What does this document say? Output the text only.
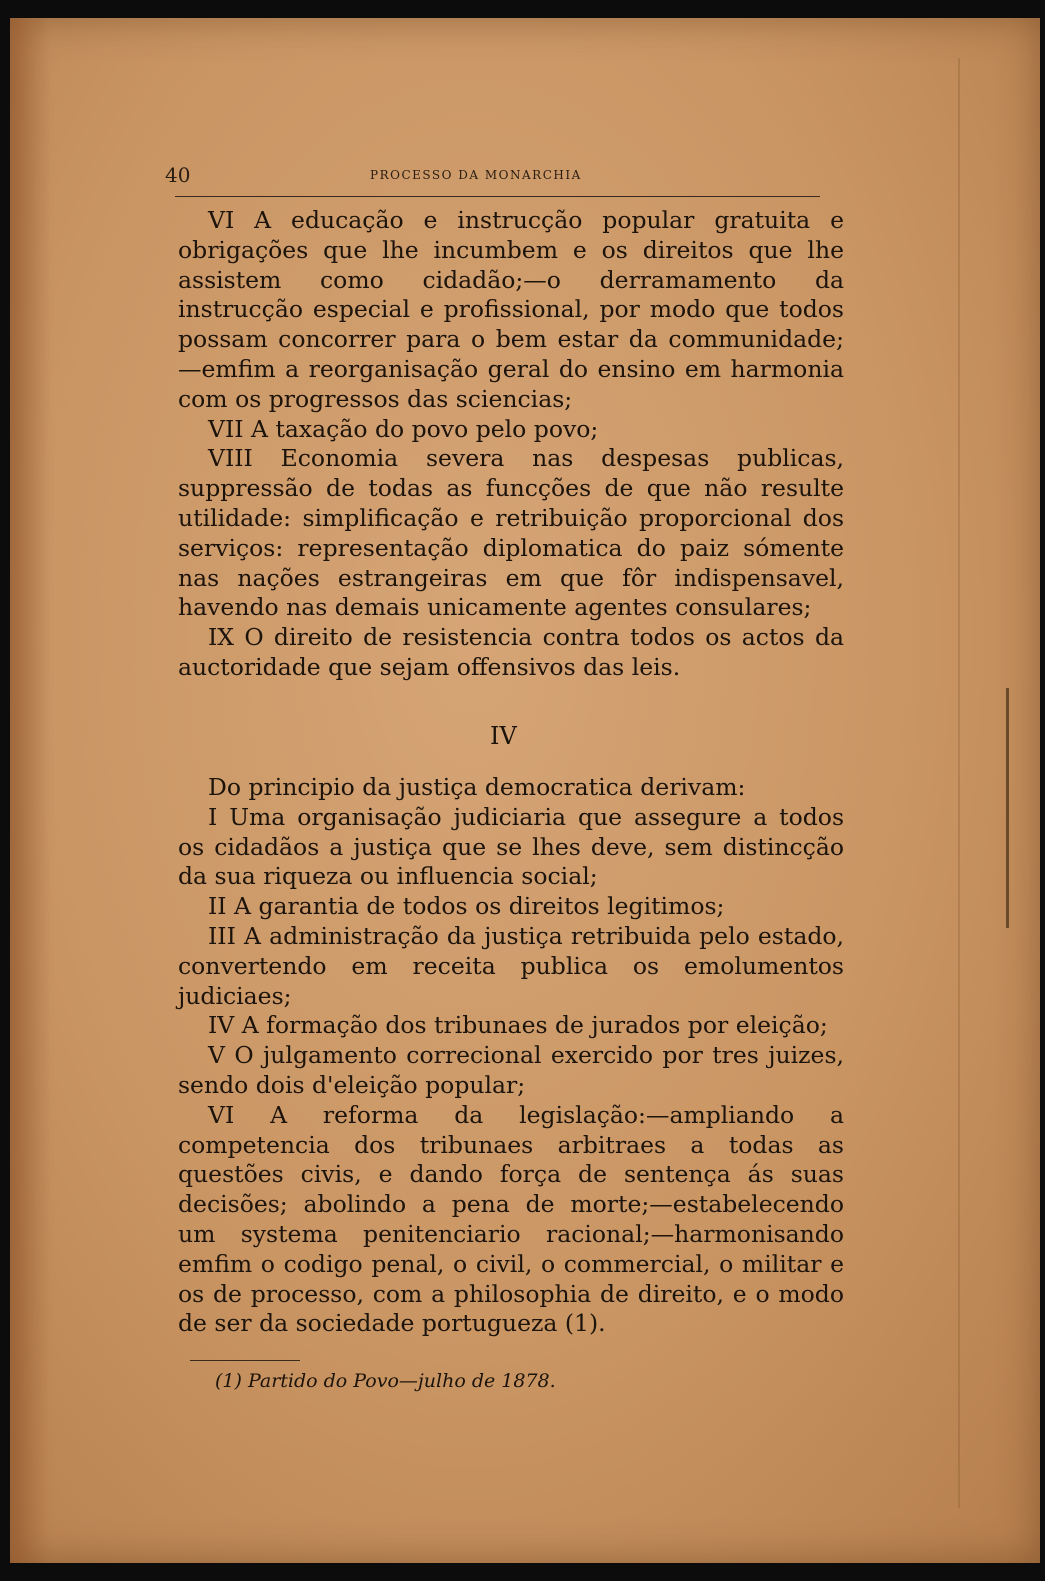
40	PROCESSO DA MONARCHIA

VI A educação e instrucção popular gratuita e obrigações que lhe incumbem e os direitos que lhe assistem como cidadão;—o derramamento da instrucção especial e profissional, por modo que todos possam concorrer para o bem estar da communidade;—emfim a reorganisação geral do ensino em harmonia com os progressos das sciencias;

VII A taxação do povo pelo povo;

VIII Economia severa nas despesas publicas, suppressão de todas as funcções de que não resulte utilidade: simplificação e retribuição proporcional dos serviços: representação diplomatica do paiz sómente nas nações estrangeiras em que fôr indispensavel, havendo nas demais unicamente agentes consulares;

IX O direito de resistencia contra todos os actos da auctoridade que sejam offensivos das leis.

IV

Do principio da justiça democratica derivam:

I Uma organisação judiciaria que assegure a todos os cidadãos a justiça que se lhes deve, sem distincção da sua riqueza ou influencia social;

II A garantia de todos os direitos legitimos;

III A administração da justiça retribuida pelo estado, convertendo em receita publica os emolumentos judiciaes;

IV A formação dos tribunaes de jurados por eleição;

V O julgamento correcional exercido por tres juizes, sendo dois d'eleição popular;

VI A reforma da legislação:—ampliando a competencia dos tribunaes arbitraes a todas as questões civis, e dando força de sentença ás suas decisões; abolindo a pena de morte;—estabelecendo um systema penitenciario racional;—harmonisando emfim o codigo penal, o civil, o commercial, o militar e os de processo, com a philosophia de direito, e o modo de ser da sociedade portugueza (1).

(1) Partido do Povo—julho de 1878.
